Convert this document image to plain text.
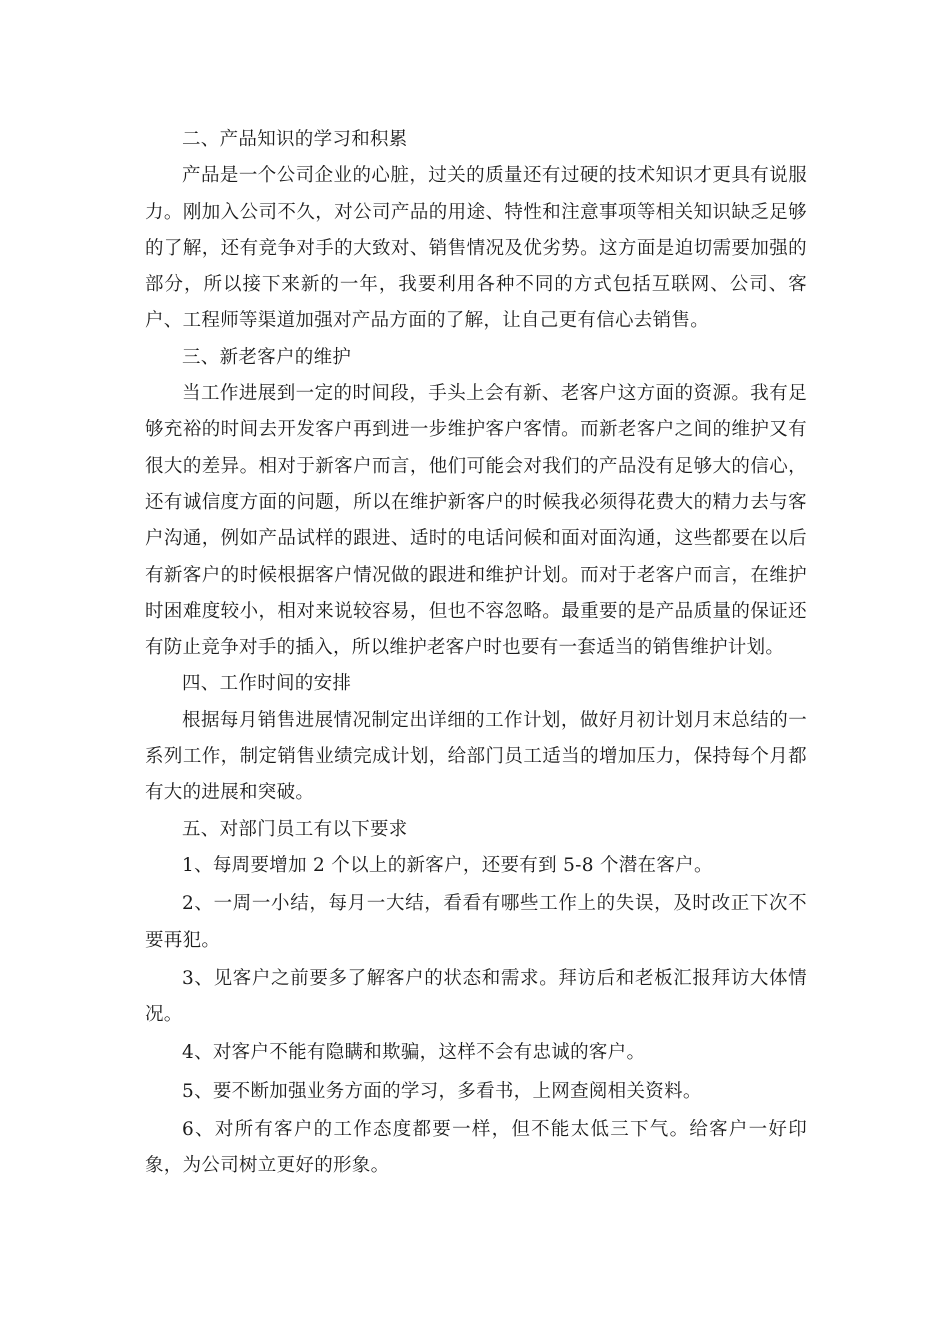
二、产品知识的学习和积累

产品是一个公司企业的心脏，过关的质量还有过硬的技术知识才更具有说服力。刚加入公司不久，对公司产品的用途、特性和注意事项等相关知识缺乏足够的了解，还有竞争对手的大致对、销售情况及优劣势。这方面是迫切需要加强的部分，所以接下来新的一年，我要利用各种不同的方式包括互联网、公司、客户、工程师等渠道加强对产品方面的了解，让自己更有信心去销售。

三、新老客户的维护

当工作进展到一定的时间段，手头上会有新、老客户这方面的资源。我有足够充裕的时间去开发客户再到进一步维护客户客情。而新老客户之间的维护又有很大的差异。相对于新客户而言，他们可能会对我们的产品没有足够大的信心，还有诚信度方面的问题，所以在维护新客户的时候我必须得花费大的精力去与客户沟通，例如产品试样的跟进、适时的电话问候和面对面沟通，这些都要在以后有新客户的时候根据客户情况做的跟进和维护计划。而对于老客户而言，在维护时困难度较小，相对来说较容易，但也不容忽略。最重要的是产品质量的保证还有防止竞争对手的插入，所以维护老客户时也要有一套适当的销售维护计划。

四、工作时间的安排

根据每月销售进展情况制定出详细的工作计划，做好月初计划月末总结的一系列工作，制定销售业绩完成计划，给部门员工适当的增加压力，保持每个月都有大的进展和突破。

五、对部门员工有以下要求

1、每周要增加 2 个以上的新客户，还要有到 5-8 个潜在客户。

2、一周一小结，每月一大结，看看有哪些工作上的失误，及时改正下次不要再犯。

3、见客户之前要多了解客户的状态和需求。拜访后和老板汇报拜访大体情况。

4、对客户不能有隐瞒和欺骗，这样不会有忠诚的客户。

5、要不断加强业务方面的学习，多看书，上网查阅相关资料。

6、对所有客户的工作态度都要一样，但不能太低三下气。给客户一好印象，为公司树立更好的形象。
